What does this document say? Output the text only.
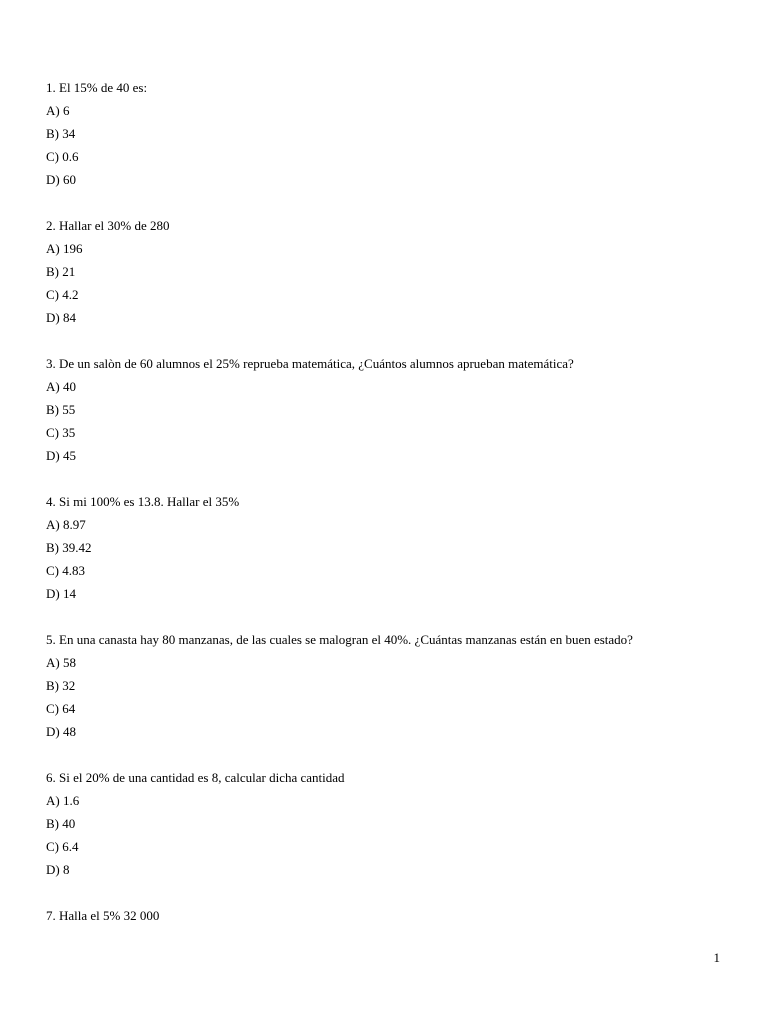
1. El 15% de 40 es:
A) 6
B) 34
C) 0.6
D) 60
2. Hallar el 30% de 280
A) 196
B) 21
C) 4.2
D) 84
3. De un salòn de 60 alumnos el 25% reprueba matemática, ¿Cuántos alumnos aprueban matemática?
A) 40
B) 55
C) 35
D) 45
4. Si mi 100% es 13.8. Hallar el 35%
A) 8.97
B) 39.42
C) 4.83
D) 14
5. En una canasta hay 80 manzanas, de las cuales se malogran el 40%. ¿Cuántas manzanas están en buen estado?
A) 58
B) 32
C) 64
D) 48
6. Si el 20% de una cantidad es 8, calcular dicha cantidad
A) 1.6
B) 40
C) 6.4
D) 8
7. Halla el 5% 32 000
1
